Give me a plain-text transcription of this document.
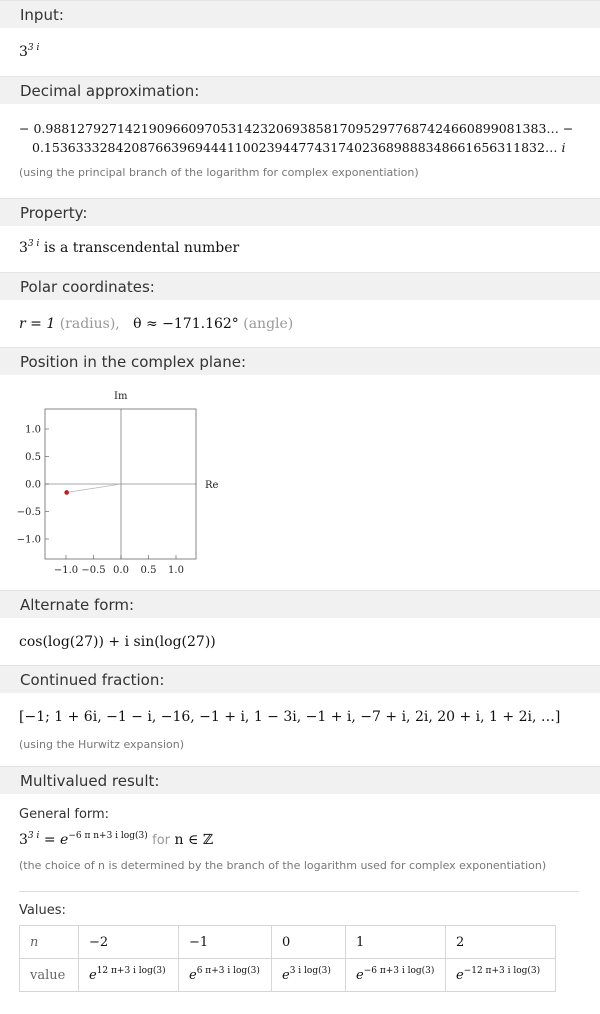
Input:
$3^{3 i}$
Decimal approximation:
− 0.98812792714219096609705314232069385817095297768742466089908​1383… −
0.15363332842087663969444110023944774317402368988834866165631183​2… i
(using the principal branch of the logarithm for complex exponentiation)
Property:
$3^{3 i}$ is a transcendental number
Polar coordinates:
r = 1 (radius), θ ≈ −171.162° (angle)
Position in the complex plane:
Im
Re
−1.0
−1.0
−0.5
−0.5
0.0
0.0
0.5
0.5
1.0
1.0
Alternate form:
cos(log(27)) + i sin(log(27))
Continued fraction:
[−1; 1 + 6i, −1 − i, −16, −1 + i, 1 − 3i, −1 + i, −7 + i, 2i, 20 + i, 1 + 2i, …]
(using the Hurwitz expansion)
Multivalued result:
General form:
$3^{3 i} = e^{-6 \pi n+3 i log(3)}$ for n ∈ ℤ
(the choice of n is determined by the branch of the logarithm used for complex exponentiation)
Values:
n	−2	−1	0	1	2
value	$e^{12 \pi+3 i log(3)}$	$e^{6 \pi+3 i log(3)}$	$e^{3 i log(3)}$	$e^{-6 \pi+3 i log(3)}$	$e^{-12 \pi+3 i log(3)}$
